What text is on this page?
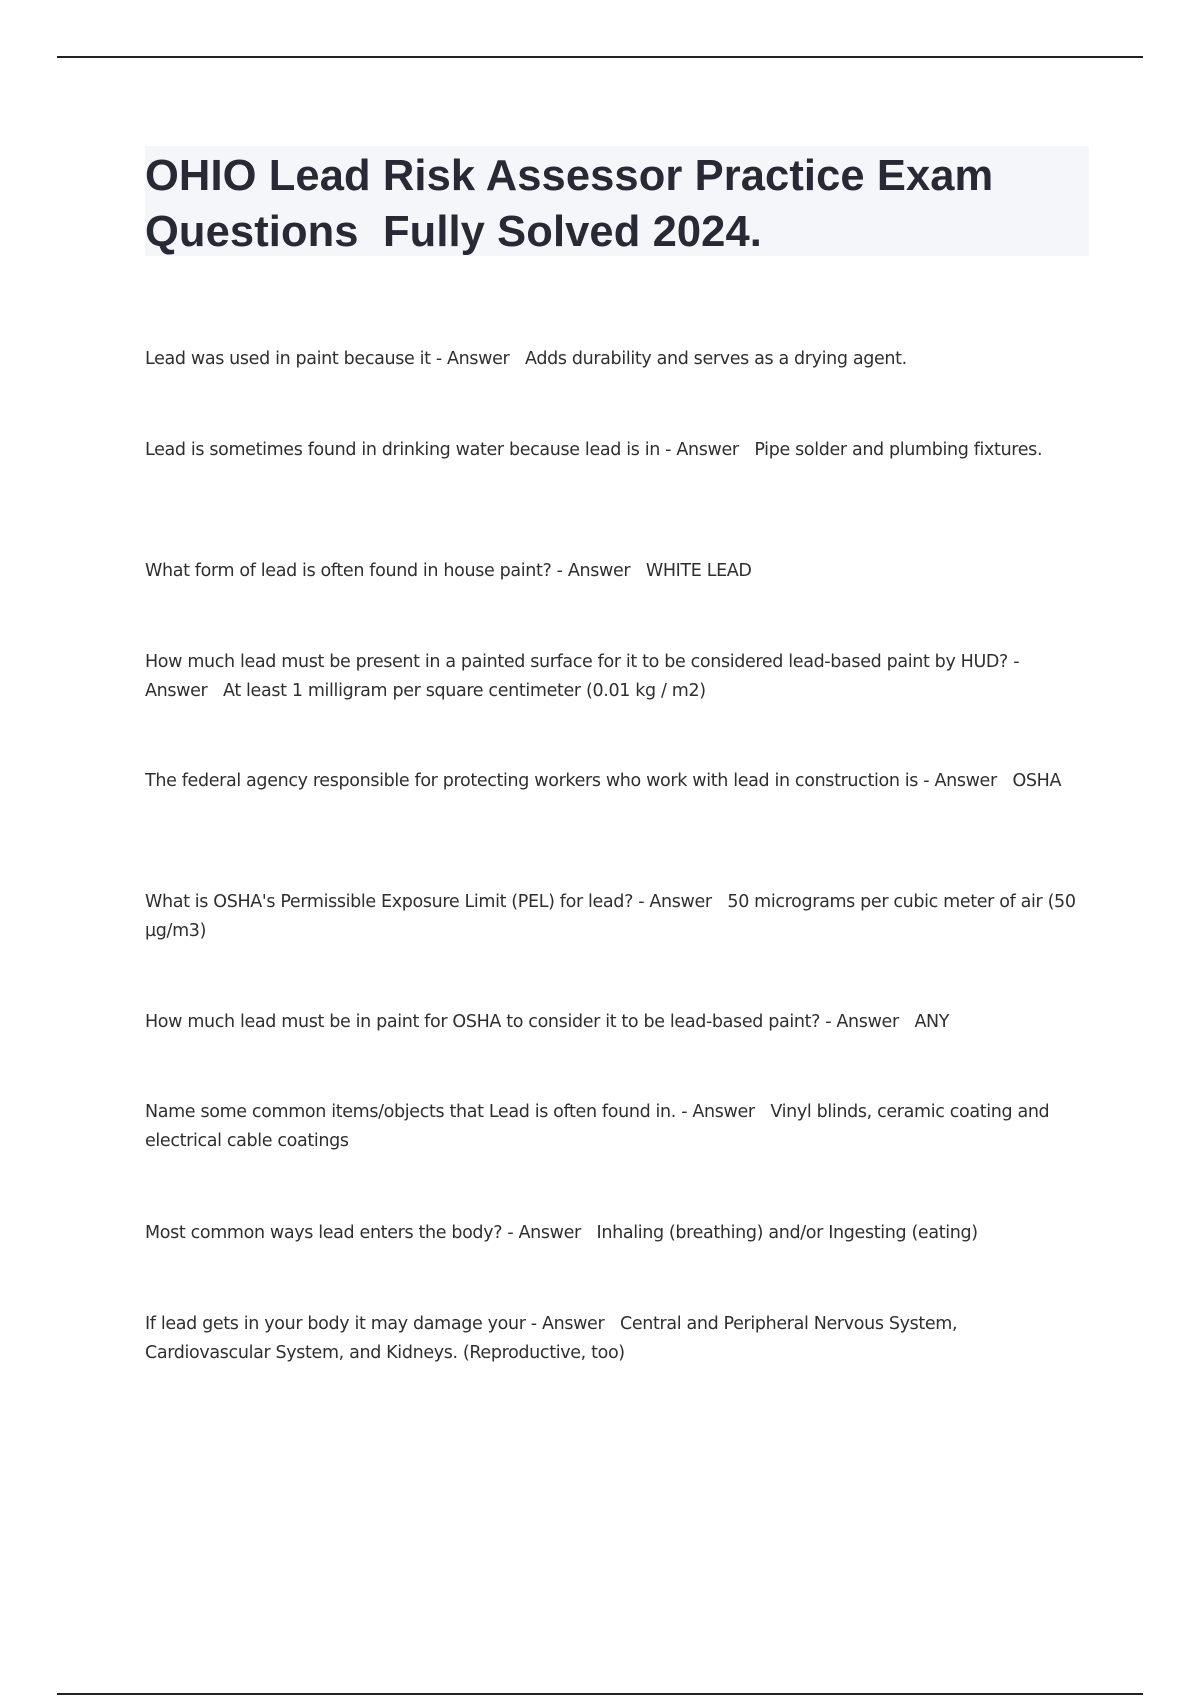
OHIO Lead Risk Assessor Practice Exam Questions  Fully Solved 2024.
Lead was used in paint because it - Answer   Adds durability and serves as a drying agent.
Lead is sometimes found in drinking water because lead is in - Answer   Pipe solder and plumbing fixtures.
What form of lead is often found in house paint? - Answer   WHITE LEAD
How much lead must be present in a painted surface for it to be considered lead-based paint by HUD? - Answer   At least 1 milligram per square centimeter (0.01 kg / m2)
The federal agency responsible for protecting workers who work with lead in construction is - Answer   OSHA
What is OSHA's Permissible Exposure Limit (PEL) for lead? - Answer   50 micrograms per cubic meter of air (50 µg/m3)
How much lead must be in paint for OSHA to consider it to be lead-based paint? - Answer   ANY
Name some common items/objects that Lead is often found in. - Answer   Vinyl blinds, ceramic coating and electrical cable coatings
Most common ways lead enters the body? - Answer   Inhaling (breathing) and/or Ingesting (eating)
If lead gets in your body it may damage your - Answer   Central and Peripheral Nervous System, Cardiovascular System, and Kidneys. (Reproductive, too)
